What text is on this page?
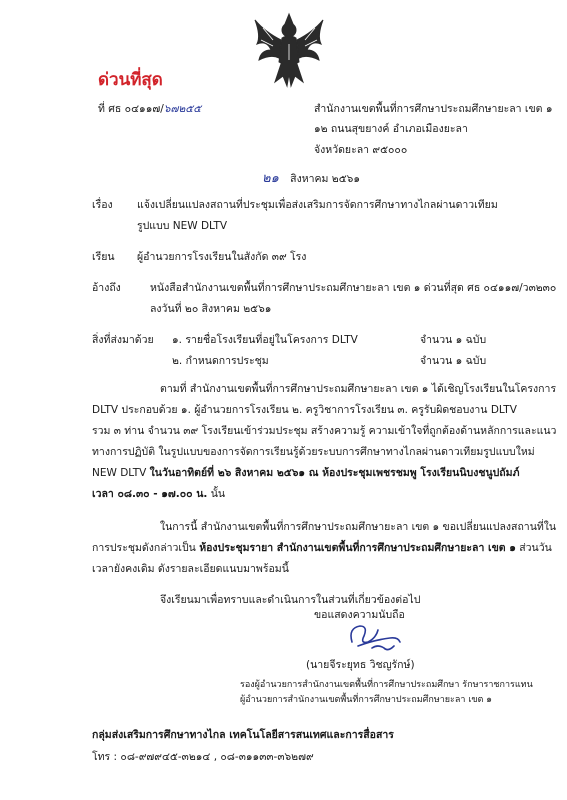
ด่วนที่สุด
ที่ ศธ ๐๔๑๑๗/๖๗๒๕๕	สำนักงานเขตพื้นที่การศึกษาประถมศึกษายะลา เขต ๑
๑๒ ถนนสุขยางค์ อำเภอเมืองยะลา
จังหวัดยะลา ๙๕๐๐๐
๒๑ สิงหาคม ๒๕๖๑
เรื่อง แจ้งเปลี่ยนแปลงสถานที่ประชุมเพื่อส่งเสริมการจัดการศึกษาทางไกลผ่านดาวเทียม
รูปแบบ NEW DLTV
เรียน ผู้อำนวยการโรงเรียนในสังกัด ๓๙ โรง
อ้างถึง	หนังสือสำนักงานเขตพื้นที่การศึกษาประถมศึกษายะลา เขต ๑ ด่วนที่สุด ศธ ๐๔๑๑๗/ว๓๒๓๐
ลงวันที่ ๒๐ สิงหาคม ๒๕๖๑
สิ่งที่ส่งมาด้วย ๑. รายชื่อโรงเรียนที่อยู่ในโครงการ DLTV	จำนวน ๑ ฉบับ
๒. กำหนดการประชุม	จำนวน ๑ ฉบับ
ตามที่ สำนักงานเขตพื้นที่การศึกษาประถมศึกษายะลา เขต ๑ ได้เชิญโรงเรียนในโครงการ
DLTV ประกอบด้วย ๑. ผู้อำนวยการโรงเรียน ๒. ครูวิชาการโรงเรียน ๓. ครูรับผิดชอบงาน DLTV
รวม ๓ ท่าน จำนวน ๓๙ โรงเรียนเข้าร่วมประชุม สร้างความรู้ ความเข้าใจที่ถูกต้องด้านหลักการและแนว
ทางการปฏิบัติ ในรูปแบบของการจัดการเรียนรู้ด้วยระบบการศึกษาทางไกลผ่านดาวเทียมรูปแบบใหม่
NEW DLTV ในวันอาทิตย์ที่ ๒๖ สิงหาคม ๒๕๖๑ ณ ห้องประชุมเพชรชมพู โรงเรียนนิบงชนูปถัมภ์
เวลา ๐๘.๓๐ - ๑๗.๐๐ น. นั้น
ในการนี้ สำนักงานเขตพื้นที่การศึกษาประถมศึกษายะลา เขต ๑ ขอเปลี่ยนแปลงสถานที่ใน
การประชุมดังกล่าวเป็น ห้องประชุมรายา สำนักงานเขตพื้นที่การศึกษาประถมศึกษายะลา เขต ๑ ส่วนวัน
เวลายังคงเดิม ดังรายละเอียดแนบมาพร้อมนี้
จึงเรียนมาเพื่อทราบและดำเนินการในส่วนที่เกี่ยวข้องต่อไป
ขอแสดงความนับถือ
(นายจีระยุทธ วิชญรักษ์)
รองผู้อำนวยการสำนักงานเขตพื้นที่การศึกษาประถมศึกษา รักษาราชการแทน
ผู้อำนวยการสำนักงานเขตพื้นที่การศึกษาประถมศึกษายะลา เขต ๑
กลุ่มส่งเสริมการศึกษาทางไกล เทคโนโลยีสารสนเทศและการสื่อสาร
โทร : ๐๘-๙๗๙๔๕-๓๒๑๔ , ๐๘-๓๑๑๓๓-๓๖๒๗๙
